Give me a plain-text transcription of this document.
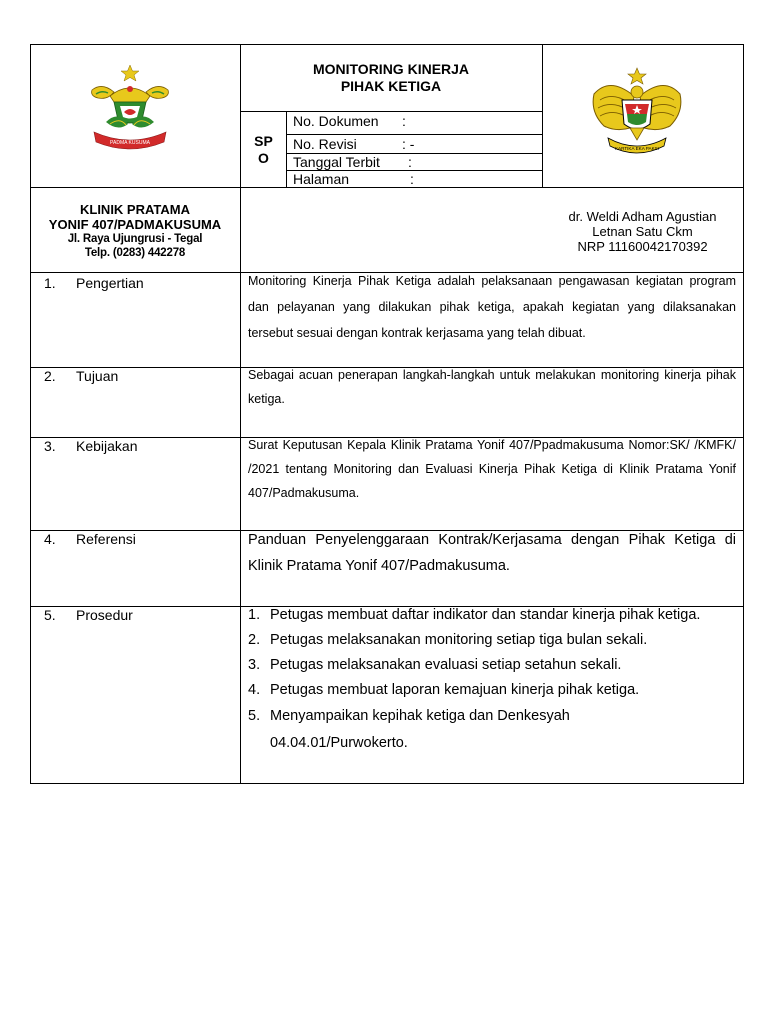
PADMA KUSUMA
MONITORING KINERJA
PIHAK KETIGA
SP
O
No. Dokumen :
No. Revisi	: -
Tanggal Terbit :
Halaman	:
KARTIKA EKA PAKSI
KLINIK PRATAMA
YONIF 407/PADMAKUSUMA
Jl. Raya Ujungrusi - Tegal
Telp. (0283) 442278
dr. Weldi Adham Agustian
Letnan Satu Ckm
NRP 11160042170392
1. Pengertian	Monitoring Kinerja Pihak Ketiga adalah pelaksanaan pengawasan kegiatan program dan pelayanan yang dilakukan pihak ketiga, apakah kegiatan yang dilaksanakan tersebut sesuai dengan kontrak kerjasama yang telah dibuat.
2. Tujuan	Sebagai acuan penerapan langkah-langkah untuk melakukan monitoring kinerja pihak ketiga.
3. Kebijakan	Surat Keputusan Kepala Klinik Pratama Yonif 407/Ppadmakusuma Nomor:SK/ /KMFK/ /2021 tentang Monitoring dan Evaluasi Kinerja Pihak Ketiga di Klinik Pratama Yonif 407/Padmakusuma.
4. Referensi	Panduan Penyelenggaraan Kontrak/Kerjasama dengan Pihak Ketiga di Klinik Pratama Yonif 407/Padmakusuma.
5. Prosedur	1. Petugas membuat daftar indikator dan standar kinerja pihak ketiga.
2. Petugas melaksanakan monitoring setiap tiga bulan sekali.
3. Petugas melaksanakan evaluasi setiap setahun sekali.
4. Petugas membuat laporan kemajuan kinerja pihak ketiga.
5. Menyampaikan kepihak ketiga dan Denkesyah 04.04.01/Purwokerto.
